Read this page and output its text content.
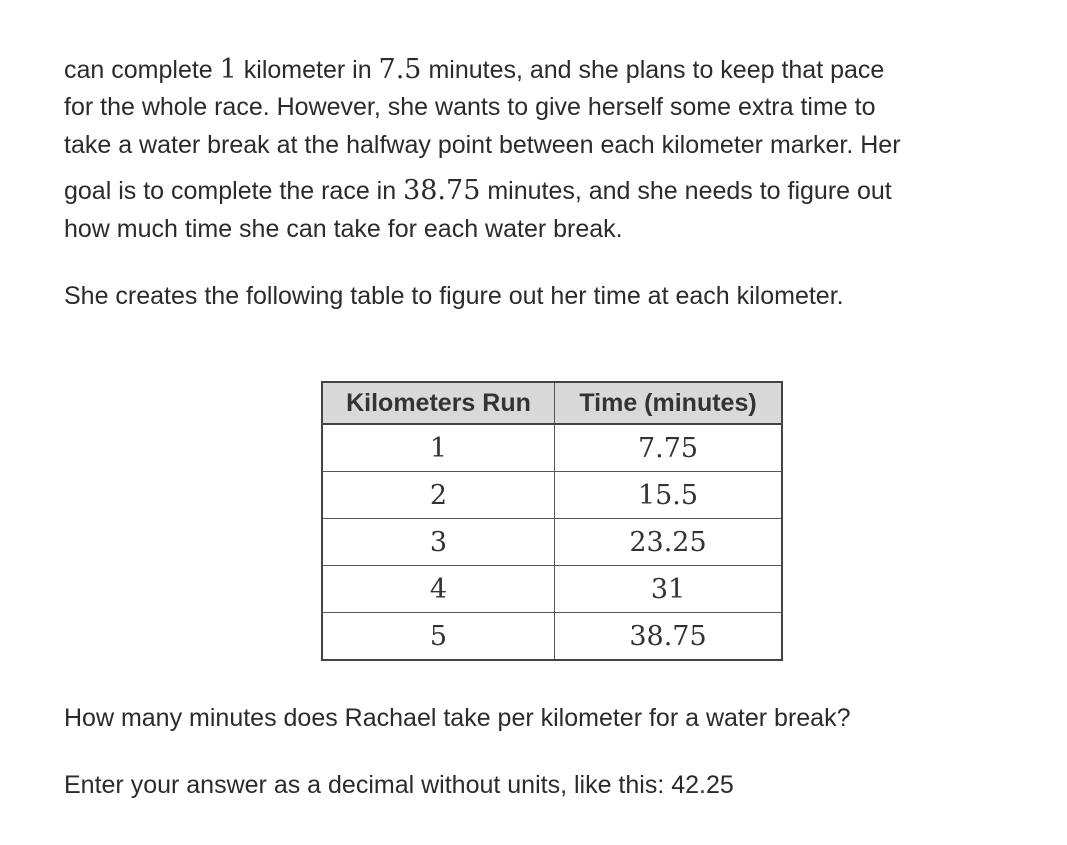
can complete 1 kilometer in 7.5 minutes, and she plans to keep that pace
for the whole race. However, she wants to give herself some extra time to
take a water break at the halfway point between each kilometer marker. Her
goal is to complete the race in 38.75 minutes, and she needs to figure out
how much time she can take for each water break.
She creates the following table to figure out her time at each kilometer.
Kilometers Run	Time (minutes)
1	7.75
2	15.5
3	23.25
4	31
5	38.75
How many minutes does Rachael take per kilometer for a water break?
Enter your answer as a decimal without units, like this: 42.25
